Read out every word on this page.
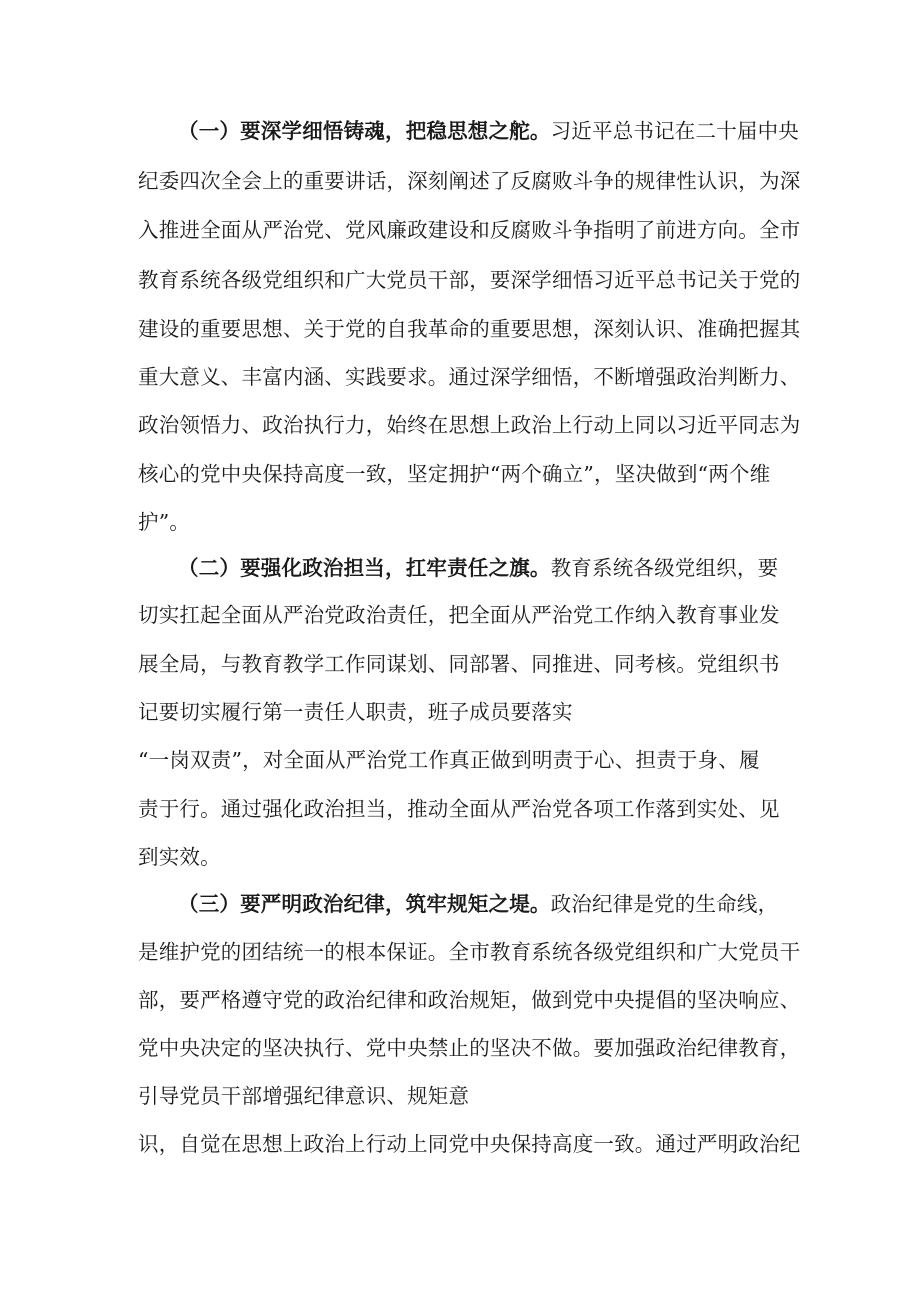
（一）要深学细悟铸魂，把稳思想之舵。习近平总书记在二十届中央
纪委四次全会上的重要讲话，深刻阐述了反腐败斗争的规律性认识，为深
入推进全面从严治党、党风廉政建设和反腐败斗争指明了前进方向。全市
教育系统各级党组织和广大党员干部，要深学细悟习近平总书记关于党的
建设的重要思想、关于党的自我革命的重要思想，深刻认识、准确把握其
重大意义、丰富内涵、实践要求。通过深学细悟，不断增强政治判断力、
政治领悟力、政治执行力，始终在思想上政治上行动上同以习近平同志为
核心的党中央保持高度一致，坚定拥护“两个确立”，坚决做到“两个维
护”。
（二）要强化政治担当，扛牢责任之旗。教育系统各级党组织，要
切实扛起全面从严治党政治责任，把全面从严治党工作纳入教育事业发
展全局，与教育教学工作同谋划、同部署、同推进、同考核。党组织书
记要切实履行第一责任人职责，班子成员要落实
“一岗双责”，对全面从严治党工作真正做到明责于心、担责于身、履
责于行。通过强化政治担当，推动全面从严治党各项工作落到实处、见
到实效。
（三）要严明政治纪律，筑牢规矩之堤。政治纪律是党的生命线，
是维护党的团结统一的根本保证。全市教育系统各级党组织和广大党员干
部，要严格遵守党的政治纪律和政治规矩，做到党中央提倡的坚决响应、
党中央决定的坚决执行、党中央禁止的坚决不做。要加强政治纪律教育，
引导党员干部增强纪律意识、规矩意
识，自觉在思想上政治上行动上同党中央保持高度一致。通过严明政治纪
